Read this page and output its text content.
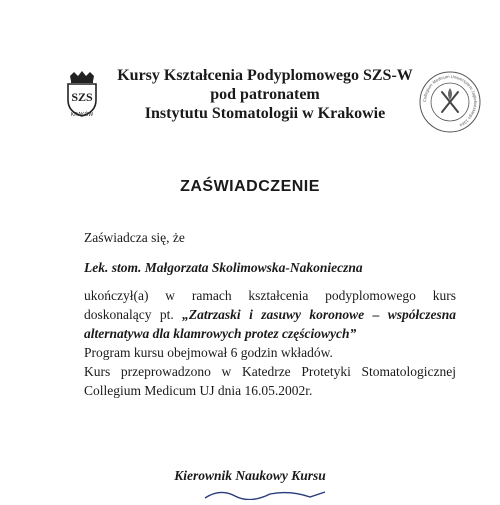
SZS
KRAKÓW
Collegium Medicum Uniwersytetu Jagiellońskiego 1364
Kursy Kształcenia Podyplomowego SZS-W
pod patronatem
Instytutu Stomatologii w Krakowie
ZAŚWIADCZENIE
Zaświadcza się, że
Lek. stom. Małgorzata Skolimowska-Nakonieczna

ukończył(a) w ramach kształcenia podyplomowego kurs doskonalący pt. „Zatrzaski i zasuwy koronowe – współczesna alternatywa dla klamrowych protez częściowych”

Program kursu obejmował 6 godzin wkładów.

Kurs przeprowadzono w Katedrze Protetyki Stomatologicznej Collegium Medicum UJ dnia 16.05.2002r.

Kierownik Naukowy Kursu
